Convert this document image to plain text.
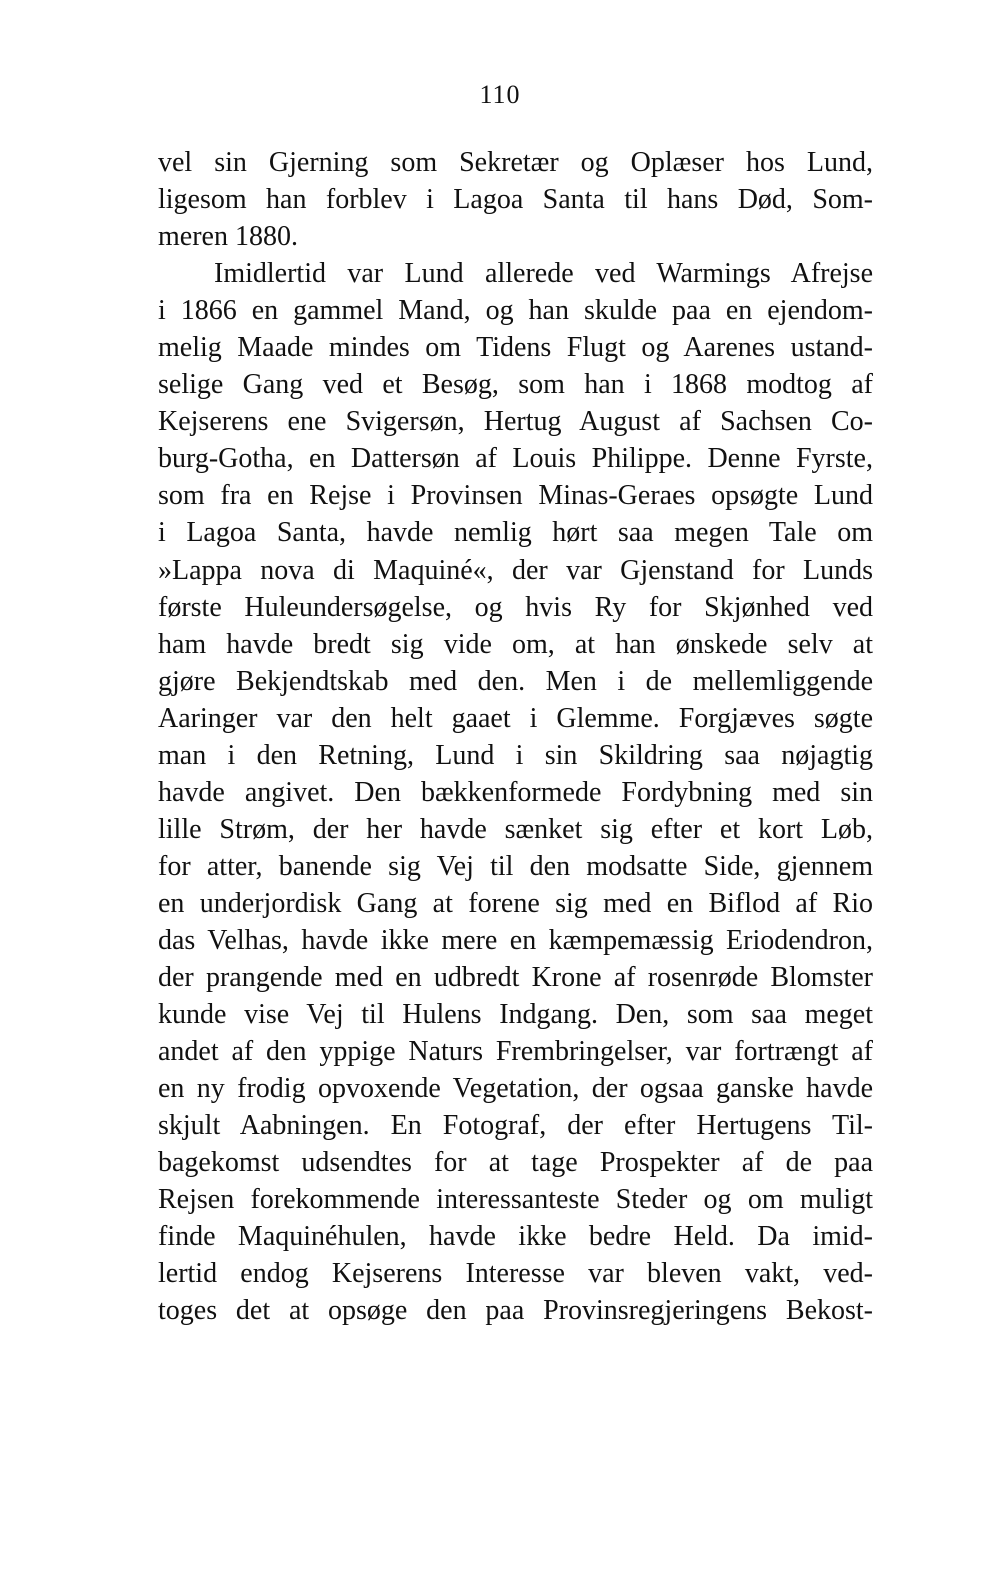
110
vel sin Gjerning som Sekretær og Oplæser hos Lund,
ligesom han forblev i Lagoa Santa til hans Død, Som-
meren 1880.
Imidlertid var Lund allerede ved Warmings Afrejse
i 1866 en gammel Mand, og han skulde paa en ejendom-
melig Maade mindes om Tidens Flugt og Aarenes ustand-
selige Gang ved et Besøg, som han i 1868 modtog af
Kejserens ene Svigersøn, Hertug August af Sachsen Co-
burg-Gotha, en Dattersøn af Louis Philippe. Denne Fyrste,
som fra en Rejse i Provinsen Minas-Geraes opsøgte Lund
i Lagoa Santa, havde nemlig hørt saa megen Tale om
»Lappa nova di Maquiné«, der var Gjenstand for Lunds
første Huleundersøgelse, og hvis Ry for Skjønhed ved
ham havde bredt sig vide om, at han ønskede selv at
gjøre Bekjendtskab med den. Men i de mellemliggende
Aaringer var den helt gaaet i Glemme. Forgjæves søgte
man i den Retning, Lund i sin Skildring saa nøjagtig
havde angivet. Den bækkenformede Fordybning med sin
lille Strøm, der her havde sænket sig efter et kort Løb,
for atter, banende sig Vej til den modsatte Side, gjennem
en underjordisk Gang at forene sig med en Biflod af Rio
das Velhas, havde ikke mere en kæmpemæssig Eriodendron,
der prangende med en udbredt Krone af rosenrøde Blomster
kunde vise Vej til Hulens Indgang. Den, som saa meget
andet af den yppige Naturs Frembringelser, var fortrængt af
en ny frodig opvoxende Vegetation, der ogsaa ganske havde
skjult Aabningen. En Fotograf, der efter Hertugens Til-
bagekomst udsendtes for at tage Prospekter af de paa
Rejsen forekommende interessanteste Steder og om muligt
finde Maquinéhulen, havde ikke bedre Held. Da imid-
lertid endog Kejserens Interesse var bleven vakt, ved-
toges det at opsøge den paa Provinsregjeringens Bekost-
